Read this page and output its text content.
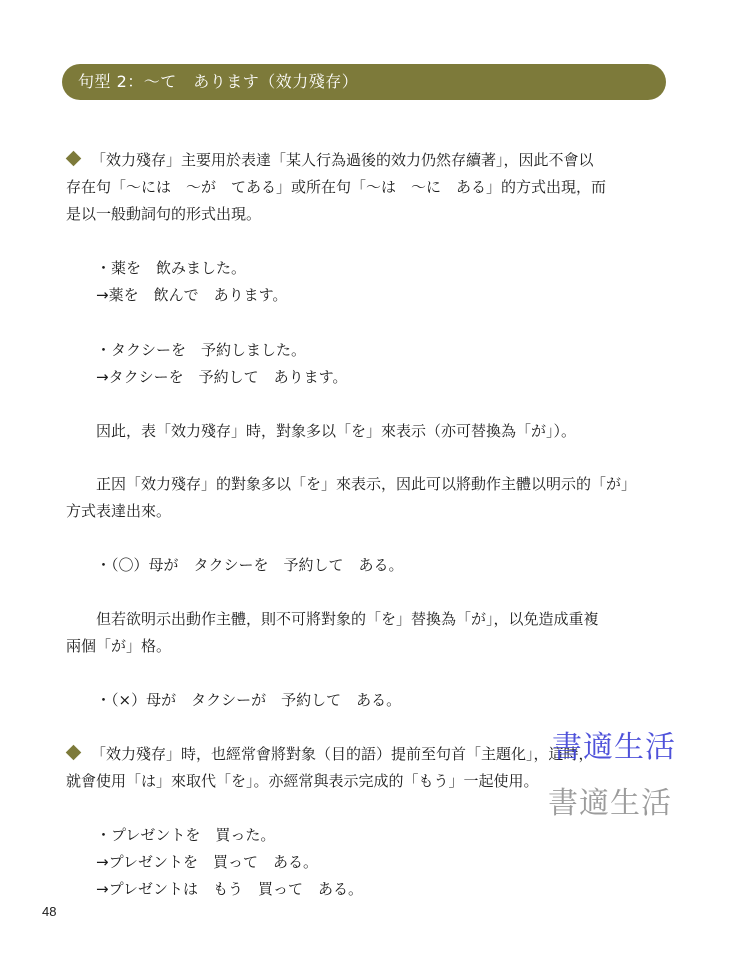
句型 2：～て　あります（效力殘存）
「效力殘存」主要用於表達「某人行為過後的效力仍然存續著」，因此不會以
存在句「～には　～が　てある」或所在句「～は　～に　ある」的方式出現，而
是以一般動詞句的形式出現。
・薬を　飲みました。
→薬を　飲んで　あります。
・タクシーを　予約しました。
→タクシーを　予約して　あります。
因此，表「效力殘存」時，對象多以「を」來表示（亦可替換為「が」）。
正因「效力殘存」的對象多以「を」來表示，因此可以將動作主體以明示的「が」
方式表達出來。
・（〇）母が　タクシーを　予約して　ある。
但若欲明示出動作主體，則不可將對象的「を」替換為「が」，以免造成重複
兩個「が」格。
・（×）母が　タクシーが　予約して　ある。
「效力殘存」時，也經常會將對象（目的語）提前至句首「主題化」，這時，
就會使用「は」來取代「を」。亦經常與表示完成的「もう」一起使用。
・プレゼントを　買った。
→プレゼントを　買って　ある。
→プレゼントは　もう　買って　ある。
48
書適生活
書適生活
